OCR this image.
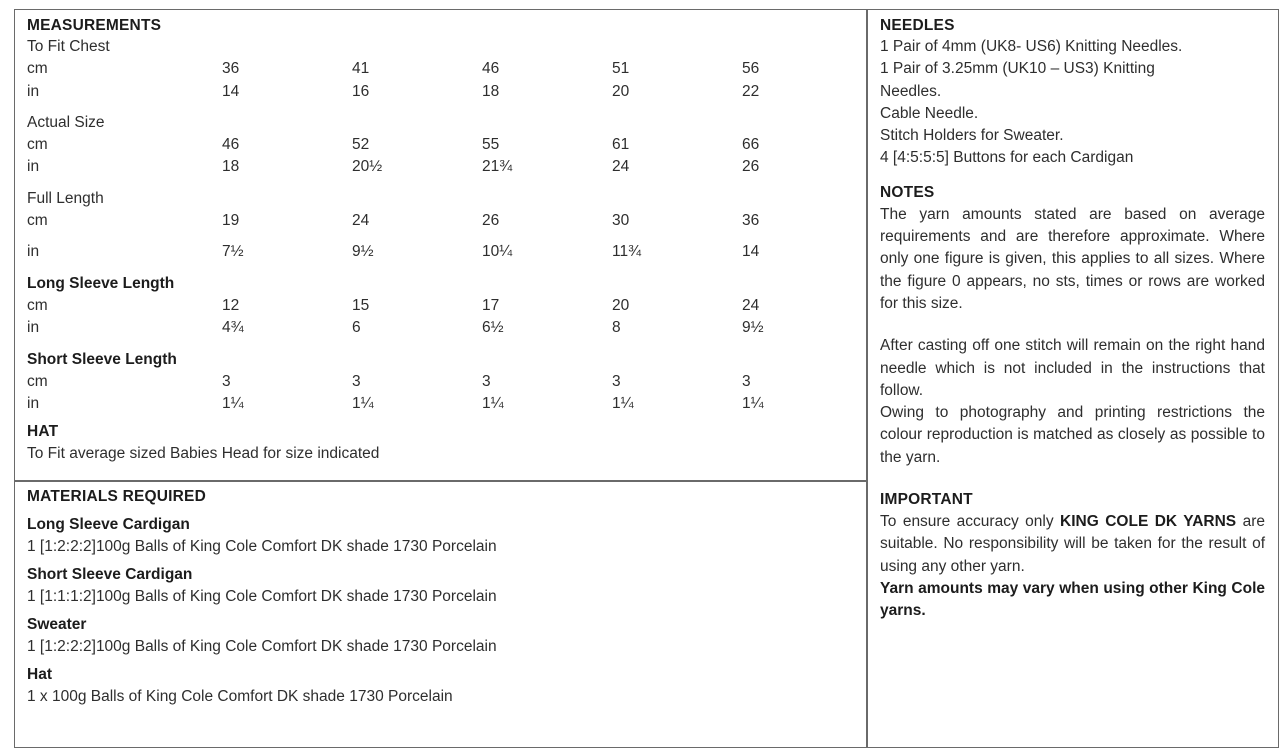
MEASUREMENTS
To Fit Chest
cm	36	41	46	51	56
in	14	16	18	20	22
Actual Size
cm	46	52	55	61	66
in	18	20½	21¾	24	26
Full Length
cm	19	24	26	30	36
in	7½	9½	10¼	11¾	14
Long Sleeve Length
cm	12	15	17	20	24
in	4¾	6	6½	8	9½
Short Sleeve Length
cm	3	3	3	3	3
in	1¼	1¼	1¼	1¼	1¼
HAT
To Fit average sized Babies Head for size indicated
MATERIALS REQUIRED
Long Sleeve Cardigan
1 [1:2:2:2]100g Balls of King Cole Comfort DK shade 1730 Porcelain
Short Sleeve Cardigan
1 [1:1:1:2]100g Balls of King Cole Comfort DK shade 1730 Porcelain
Sweater
1 [1:2:2:2]100g Balls of King Cole Comfort DK shade 1730 Porcelain
Hat
1 x 100g Balls of King Cole Comfort DK shade 1730 Porcelain
NEEDLES
1 Pair of 4mm (UK8- US6) Knitting Needles.
1 Pair of 3.25mm (UK10 – US3) Knitting
Needles.
Cable Needle.
Stitch Holders for Sweater.
4 [4:5:5:5] Buttons for each Cardigan
NOTES
The yarn amounts stated are based on average requirements and are therefore approximate. Where only one figure is given, this applies to all sizes. Where the figure 0 appears, no sts, times or rows are worked for this size.
After casting off one stitch will remain on the right hand needle which is not included in the instructions that follow.
Owing to photography and printing restrictions the colour reproduction is matched as closely as possible to the yarn.
IMPORTANT
To ensure accuracy only KING COLE DK YARNS are suitable. No responsibility will be taken for the result of using any other yarn.
Yarn amounts may vary when using other King Cole yarns.
